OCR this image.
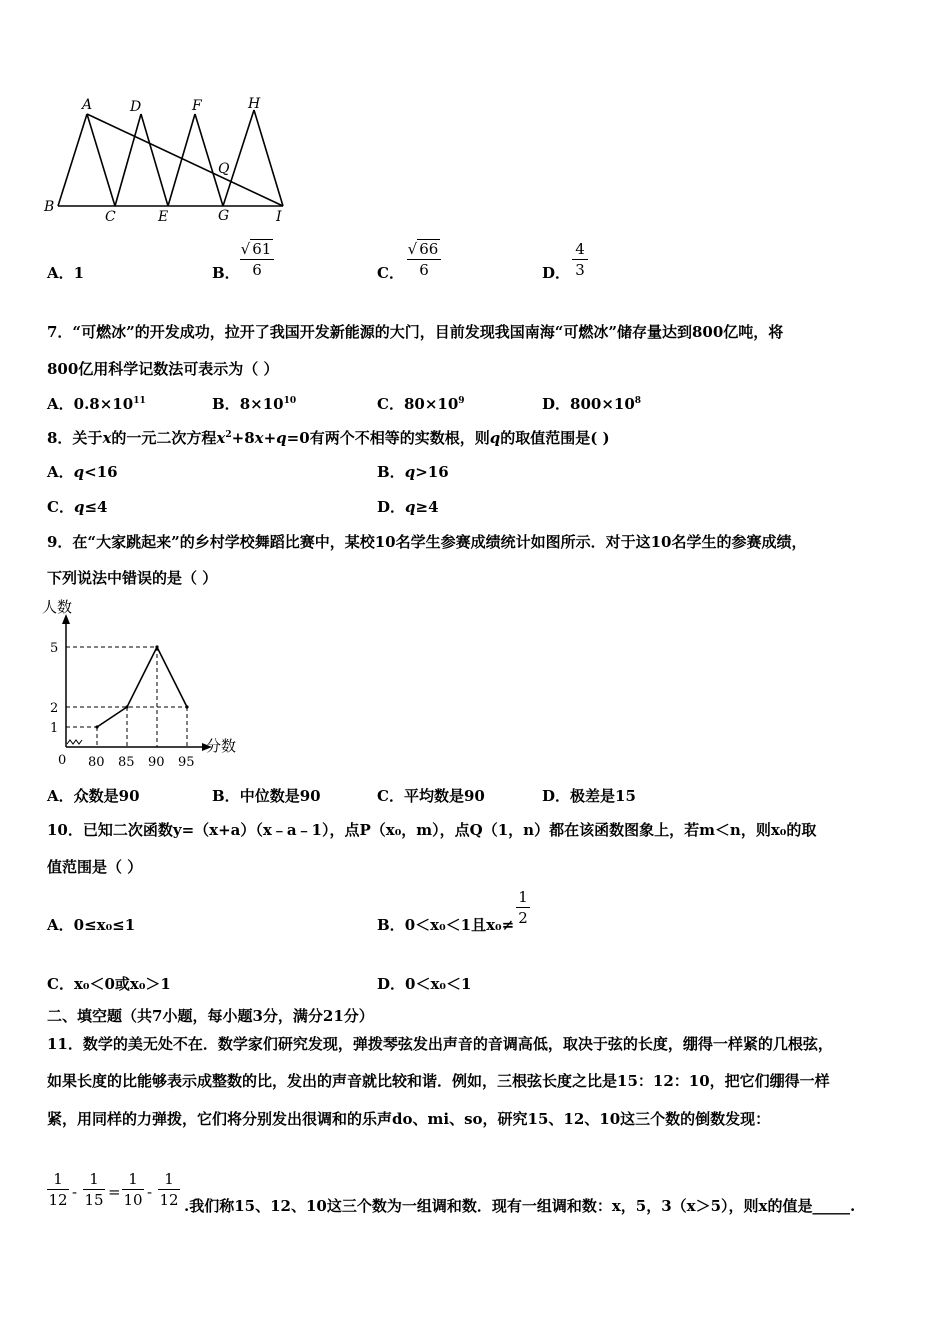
A	D	F	H
B
C	E	G	I
Q
A．1	B．
√ 61
6	C．
√ 66
6	D．
4
3
7．“可燃冰”的开发成功，拉开了我国开发新能源的大门，目前发现我国南海“可燃冰”储存量达到800亿吨，将
800亿用科学记数法可表示为（ ）
A．$0.8\times 10^{11}$	B．$8\times 10^{10}$	C．$80\times 10^9$	D．$800\times 10^8$
8．关于x的一元二次方程$x^2+8x+q=0$有两个不相等的实数根，则q的取值范围是( )
A．q<16	B．q>16
C．q≤4	D．q≥4
9．在“大家跳起来”的乡村学校舞蹈比赛中，某校10名学生参赛成绩统计如图所示．对于这10名学生的参赛成绩，
下列说法中错误的是（ ）
人数
分数
0 80 85 90 95
1
2
5
A．众数是90	B．中位数是90	C．平均数是90	D．极差是15
10．已知二次函数y=（x+a）（x﹣a﹣1），点P（x₀，m），点Q（1，n）都在该函数图象上，若m＜n，则x₀的取
值范围是（ ）
A．0≤x₀≤1	B．0＜x₀＜1且x₀≠
1
2
C．x₀＜0或x₀＞1	D．0＜x₀＜1
二、填空题（共7小题，每小题3分，满分21分）
11．数学的美无处不在．数学家们研究发现，弹拨琴弦发出声音的音调高低，取决于弦的长度，绷得一样紧的几根弦，
如果长度的比能够表示成整数的比，发出的声音就比较和谐．例如，三根弦长度之比是15：12：10，把它们绷得一样
紧，用同样的力弹拨，它们将分别发出很调和的乐声do、mi、so，研究15、12、10这三个数的倒数发现：
1
12 -
1
15 =
1
10 -
1
12 .我们称15、12、10这三个数为一组调和数．现有一组调和数：x，5，3（x＞5），则x的值是_____.
